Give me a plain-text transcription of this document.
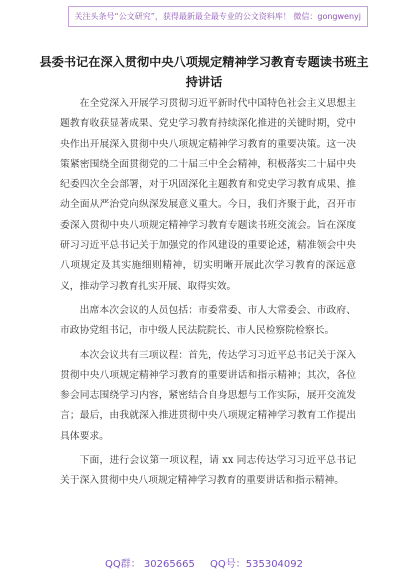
关注头条号“公文研究”，获得最新最全最专业的公文资料库！ 微信：gongwenyj
县委书记在深入贯彻中央八项规定精神学习教育专题读书班主持讲话

在全党深入开展学习贯彻习近平新时代中国特色社会主义思想主题教育收获显著成果、党史学习教育持续深化推进的关键时期，党中央作出开展深入贯彻中央八项规定精神学习教育的重要决策。这一决策紧密围绕全面贯彻党的二十届三中全会精神，积极落实二十届中央纪委四次全会部署，对于巩固深化主题教育和党史学习教育成果、推动全面从严治党向纵深发展意义重大。今日，我们齐聚于此，召开市委深入贯彻中央八项规定精神学习教育专题读书班交流会。旨在深度研习习近平总书记关于加强党的作风建设的重要论述，精准领会中央八项规定及其实施细则精神，切实明晰开展此次学习教育的深远意义，推动学习教育扎实开展、取得实效。

出席本次会议的人员包括：市委常委、市人大常委会、市政府、市政协党组书记，市中级人民法院院长、市人民检察院检察长。

本次会议共有三项议程：首先，传达学习习近平总书记关于深入贯彻中央八项规定精神学习教育的重要讲话和指示精神；其次，各位参会同志围绕学习内容，紧密结合自身思想与工作实际，展开交流发言；最后，由我就深入推进贯彻中央八项规定精神学习教育工作提出具体要求。

下面，进行会议第一项议程，请 xx 同志传达学习习近平总书记关于深入贯彻中央八项规定精神学习教育的重要讲话和指示精神。

QQ群： 30265665 QQ号：535304092
